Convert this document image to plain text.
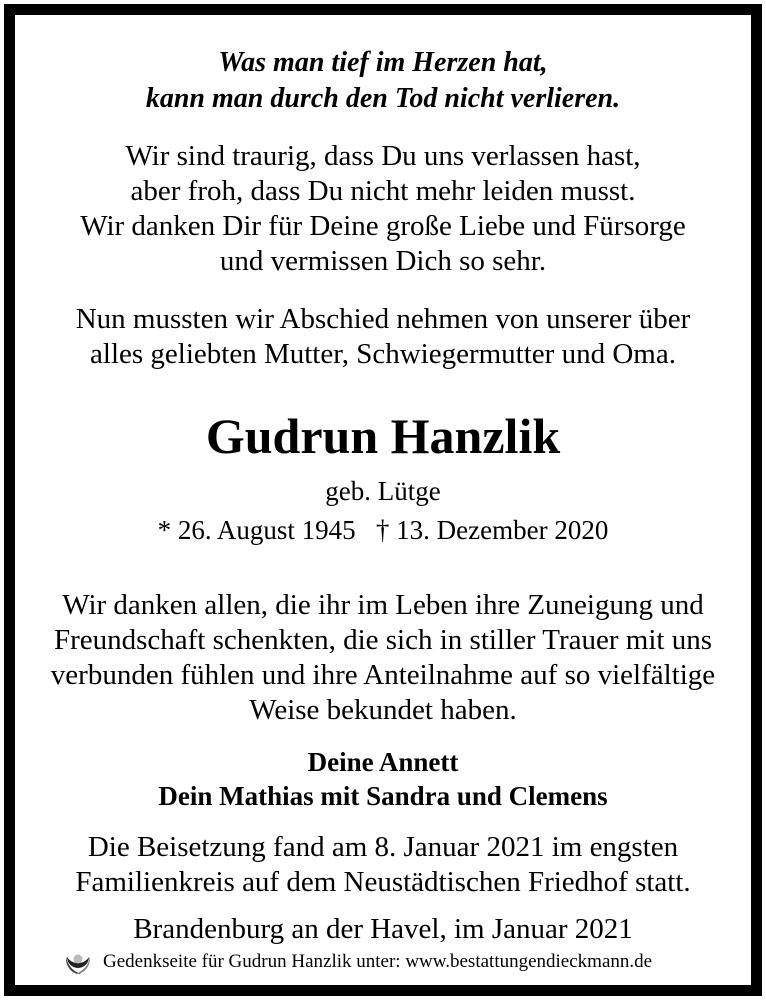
Was man tief im Herzen hat,
kann man durch den Tod nicht verlieren.
Wir sind traurig, dass Du uns verlassen hast,
aber froh, dass Du nicht mehr leiden musst.
Wir danken Dir für Deine große Liebe und Fürsorge
und vermissen Dich so sehr.
Nun mussten wir Abschied nehmen von unserer über
alles geliebten Mutter, Schwiegermutter und Oma.
Gudrun Hanzlik
geb. Lütge
* 26. August 1945   † 13. Dezember 2020
Wir danken allen, die ihr im Leben ihre Zuneigung und
Freundschaft schenkten, die sich in stiller Trauer mit uns
verbunden fühlen und ihre Anteilnahme auf so vielfältige
Weise bekundet haben.
Deine Annett
Dein Mathias mit Sandra und Clemens
Die Beisetzung fand am 8. Januar 2021 im engsten
Familienkreis auf dem Neustädtischen Friedhof statt.
Brandenburg an der Havel, im Januar 2021
Gedenkseite für Gudrun Hanzlik unter: www.bestattungendieckmann.de
